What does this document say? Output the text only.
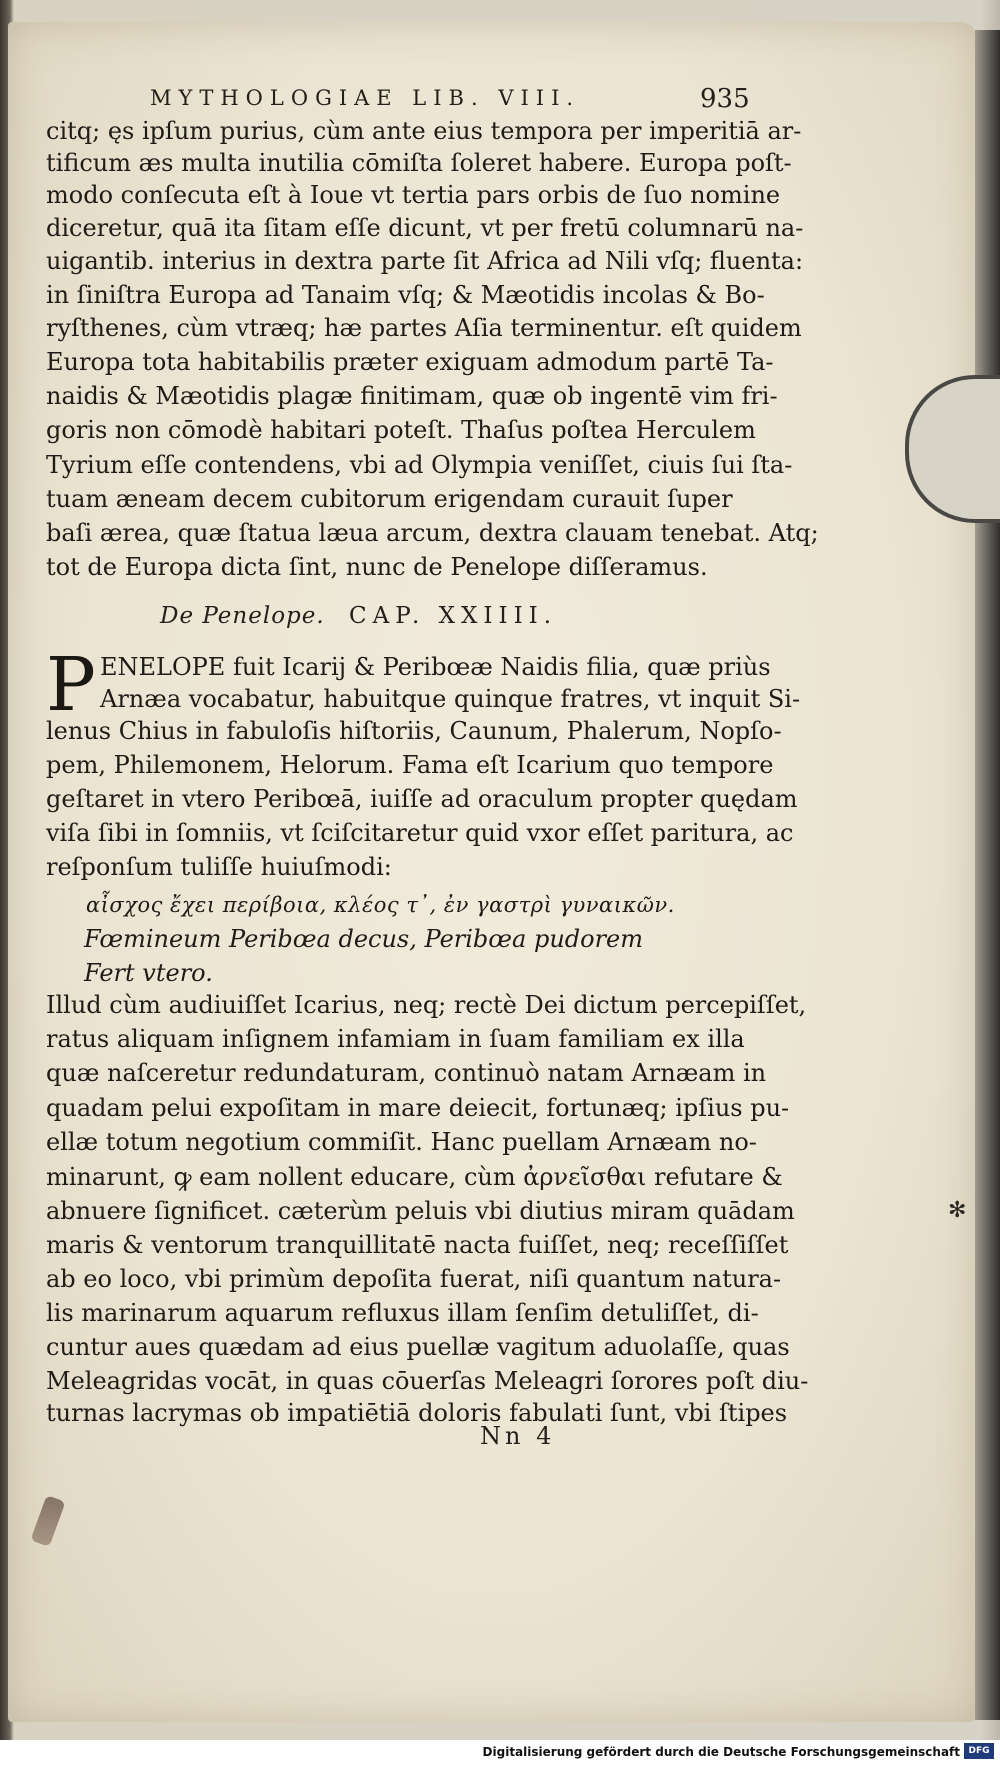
MYTHOLOGIAE LIB. VIII.	935
citq; ęs ipſum purius, cùm ante eius tempora per imperitiā ar-
tificum æs multa inutilia cōmiſta ſoleret habere. Europa poſt-
modo conſecuta eſt à Ioue vt tertia pars orbis de ſuo nomine
diceretur, quā ita ſitam eſſe dicunt, vt per fretū columnarū na-
uigantib. interius in dextra parte ſit Africa ad Nili vſq; fluenta:
in ſiniſtra Europa ad Tanaim vſq; & Mæotidis incolas & Bo-
ryſthenes, cùm vtræq; hæ partes Aſia terminentur. eſt quidem
Europa tota habitabilis præter exiguam admodum partē Ta-
naidis & Mæotidis plagæ finitimam, quæ ob ingentē vim fri-
goris non cōmodè habitari poteſt. Thaſus poſtea Herculem
Tyrium eſſe contendens, vbi ad Olympia veniſſet, ciuis ſui ſta-
tuam æneam decem cubitorum erigendam curauit ſuper
baſi ærea, quæ ſtatua læua arcum, dextra clauam tenebat. Atq;
tot de Europa dicta ſint, nunc de Penelope diſſeramus.
De Penelope. CAP. XXIIII.
P ENELOPE fuit Icarij & Peribœæ Naidis filia, quæ priùs
Arnæa vocabatur, habuitque quinque fratres, vt inquit Si-
lenus Chius in fabuloſis hiſtoriis, Caunum, Phalerum, Nopſo-
pem, Philemonem, Helorum. Fama eſt Icarium quo tempore
geſtaret in vtero Peribœā, iuiſſe ad oraculum propter quędam
viſa ſibi in ſomniis, vt ſciſcitaretur quid vxor eſſet paritura, ac
reſponſum tuliſſe huiuſmodi:
αἶσχος ἔχει περίβοια, κλέος τ᾽, ἐν γαστρὶ γυναικῶν.
Fœmineum Peribœa decus, Peribœa pudorem
Fert vtero.
Illud cùm audiuiſſet Icarius, neq; rectè Dei dictum percepiſſet,
ratus aliquam inſignem infamiam in ſuam familiam ex illa
quæ naſceretur redundaturam, continuò natam Arnæam in
quadam pelui expoſitam in mare deiecit, fortunæq; ipſius pu-
ellæ totum negotium commiſit. Hanc puellam Arnæam no-
minarunt, ꝙ eam nollent educare, cùm ἀρνεῖσθαι refutare &
abnuere ſignificet. cæterùm peluis vbi diutius miram quādam
maris & ventorum tranquillitatē nacta fuiſſet, neq; receſſiſſet
ab eo loco, vbi primùm depoſita fuerat, niſi quantum natura-
lis marinarum aquarum refluxus illam ſenſim detuliſſet, di-
cuntur aues quædam ad eius puellæ vagitum aduolaſſe, quas
Meleagridas vocāt, in quas cōuerſas Meleagri ſorores poſt diu-
turnas lacrymas ob impatiētiā doloris fabulati ſunt, vbi ſtipes
Nn 4
✻
Digitalisierung gefördert durch die Deutsche Forschungsgemeinschaft DFG
